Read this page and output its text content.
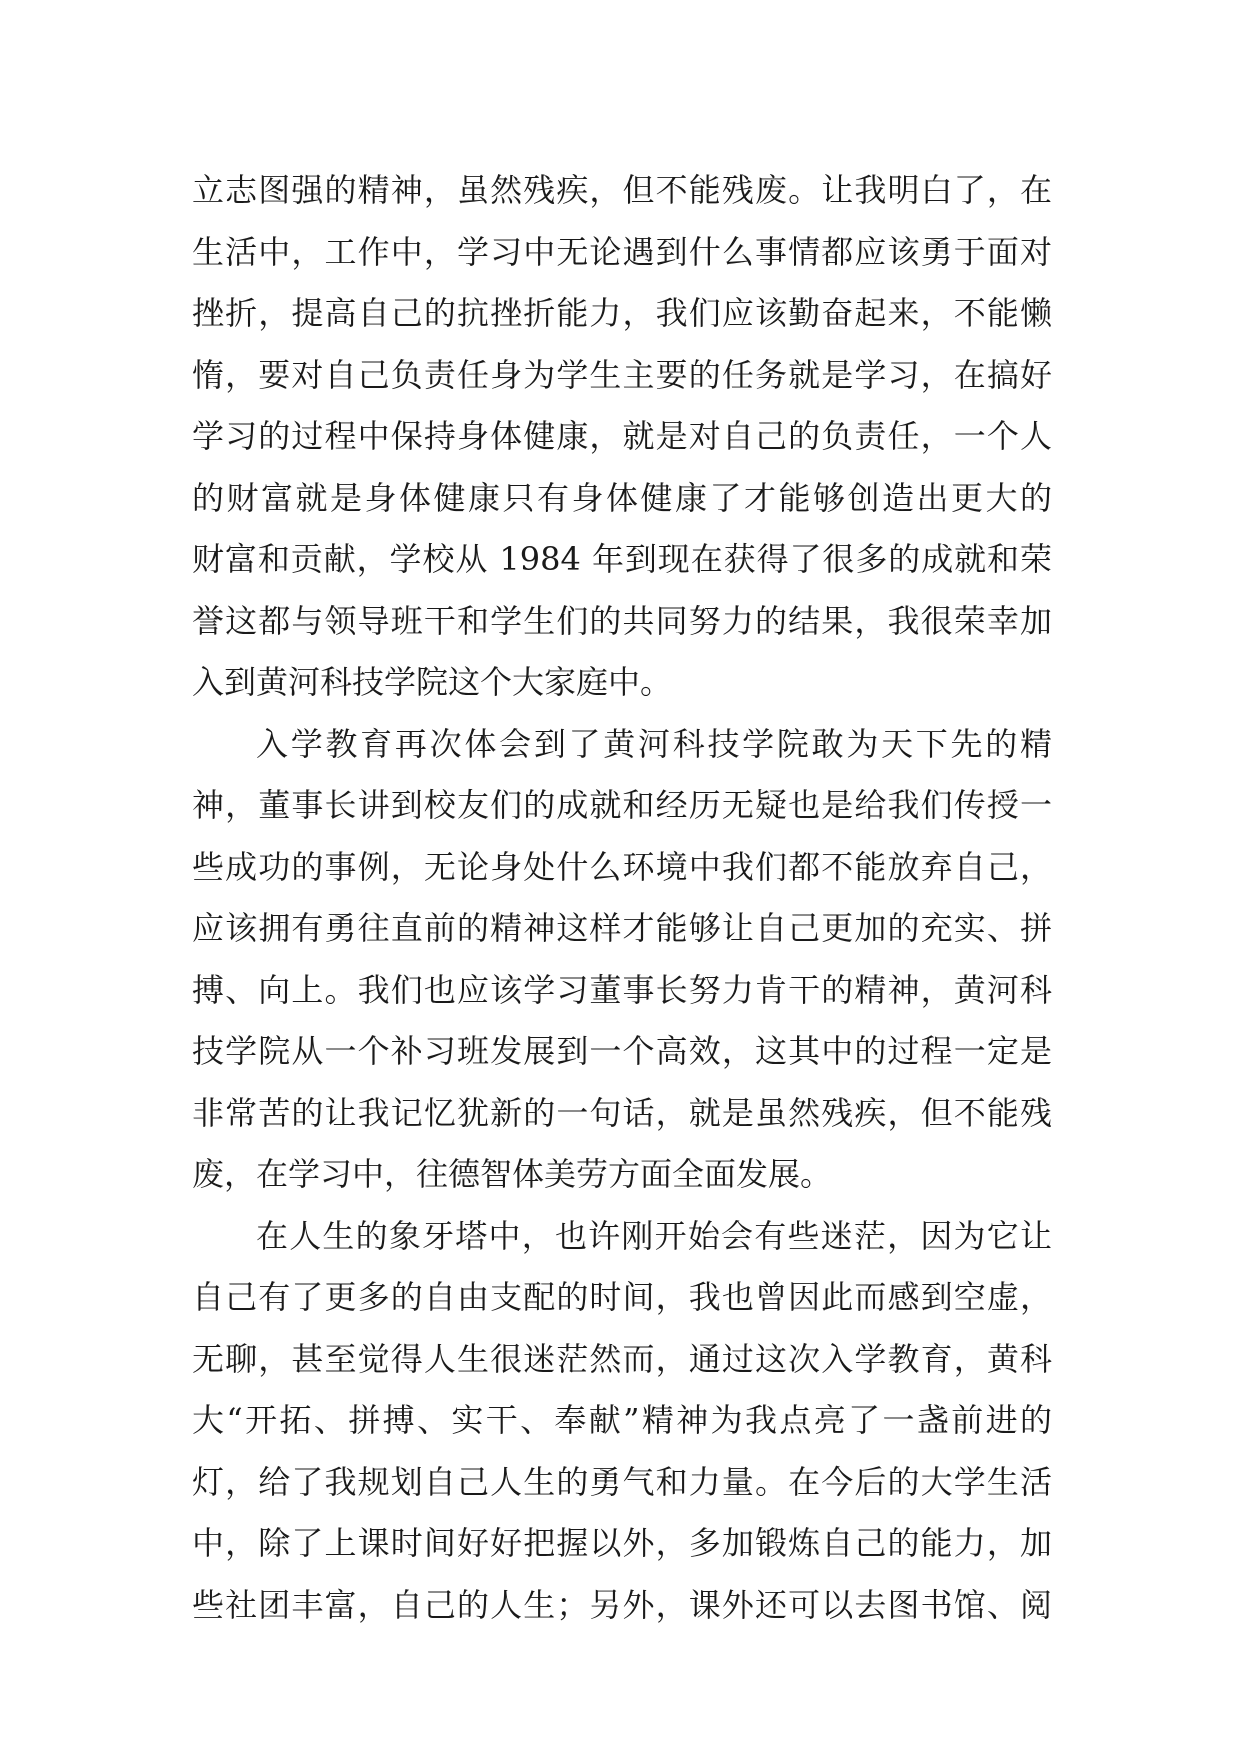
立志图强的精神，虽然残疾，但不能残废。让我明白了，在
生活中，工作中，学习中无论遇到什么事情都应该勇于面对
挫折，提高自己的抗挫折能力，我们应该勤奋起来，不能懒
惰，要对自己负责任身为学生主要的任务就是学习，在搞好
学习的过程中保持身体健康，就是对自己的负责任，一个人
的财富就是身体健康只有身体健康了才能够创造出更大的
财富和贡献，学校从 1984 年到现在获得了很多的成就和荣
誉这都与领导班干和学生们的共同努力的结果，我很荣幸加
入到黄河科技学院这个大家庭中。
入学教育再次体会到了黄河科技学院敢为天下先的精
神，董事长讲到校友们的成就和经历无疑也是给我们传授一
些成功的事例，无论身处什么环境中我们都不能放弃自己，
应该拥有勇往直前的精神这样才能够让自己更加的充实、拼
搏、向上。我们也应该学习董事长努力肯干的精神，黄河科
技学院从一个补习班发展到一个高效，这其中的过程一定是
非常苦的让我记忆犹新的一句话，就是虽然残疾，但不能残
废，在学习中，往德智体美劳方面全面发展。
在人生的象牙塔中，也许刚开始会有些迷茫，因为它让
自己有了更多的自由支配的时间，我也曾因此而感到空虚，
无聊，甚至觉得人生很迷茫然而，通过这次入学教育，黄科
大“开拓、拼搏、实干、奉献”精神为我点亮了一盏前进的
灯，给了我规划自己人生的勇气和力量。在今后的大学生活
中，除了上课时间好好把握以外，多加锻炼自己的能力，加
些社团丰富，自己的人生；另外，课外还可以去图书馆、阅
